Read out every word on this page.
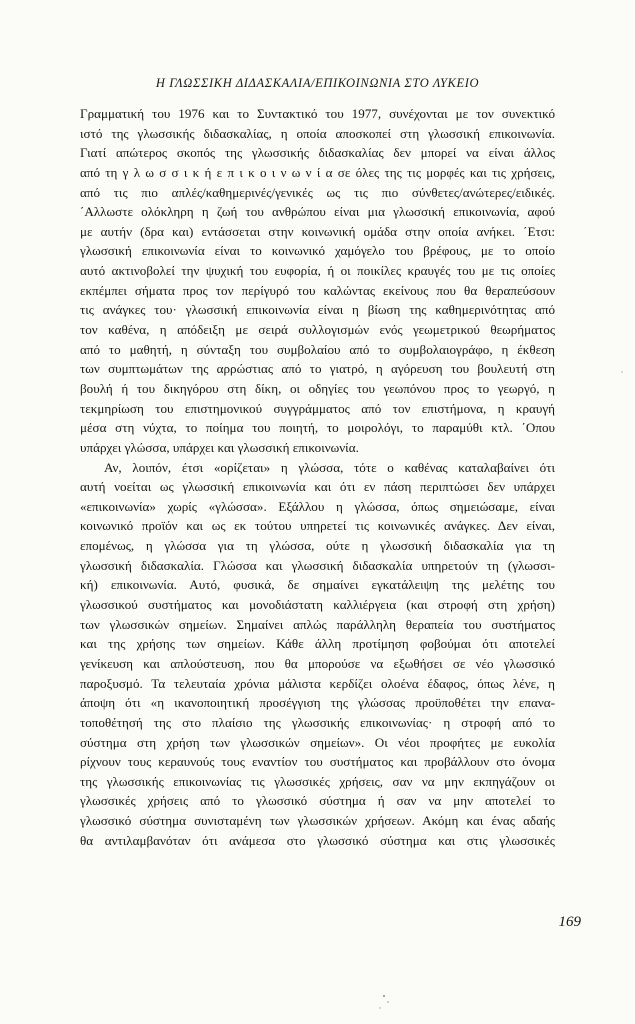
Η ΓΛΩΣΣΙΚΗ ΔΙΔΑΣΚΑΛΙΑ/ΕΠΙΚΟΙΝΩΝΙΑ ΣΤΟ ΛΥΚΕΙΟ
Γραμματική του 1976 και το Συντακτικό του 1977, συνέχονται με τον συνεκτικό
ιστό της γλωσσικής διδασκαλίας, η οποία αποσκοπεί στη γλωσσική επικοινωνία.
Γιατί απώτερος σκοπός της γλωσσικής διδασκαλίας δεν μπορεί να είναι άλλος
από τη γ λ ω σ σ ι κ ή ε π ι κ ο ι ν ω ν ί α σε όλες της τις μορφές και τις χρήσεις,
από τις πιο απλές/καθημερινές/γενικές ως τις πιο σύνθετες/ανώτερες/ειδικές.
΄Αλλωστε ολόκληρη η ζωή του ανθρώπου είναι μια γλωσσική επικοινωνία, αφού
με αυτήν (δρα και) εντάσσεται στην κοινωνική ομάδα στην οποία ανήκει. ΄Ετσι:
γλωσσική επικοινωνία είναι το κοινωνικό χαμόγελο του βρέφους, με το οποίο
αυτό ακτινοβολεί την ψυχική του ευφορία, ή οι ποικίλες κραυγές του με τις οποίες
εκπέμπει σήματα προς τον περίγυρό του καλώντας εκείνους που θα θεραπεύσουν
τις ανάγκες του· γλωσσική επικοινωνία είναι η βίωση της καθημερινότητας από
τον καθένα, η απόδειξη με σειρά συλλογισμών ενός γεωμετρικού θεωρήματος
από το μαθητή, η σύνταξη του συμβολαίου από το συμβολαιογράφο, η έκθεση
των συμπτωμάτων της αρρώστιας από το γιατρό, η αγόρευση του βουλευτή στη
βουλή ή του δικηγόρου στη δίκη, οι οδηγίες του γεωπόνου προς το γεωργό, η
τεκμηρίωση του επιστημονικού συγγράμματος από τον επιστήμονα, η κραυγή
μέσα στη νύχτα, το ποίημα του ποιητή, το μοιρολόγι, το παραμύθι κτλ. ΄Οπου
υπάρχει γλώσσα, υπάρχει και γλωσσική επικοινωνία.
Αν, λοιπόν, έτσι «ορίζεται» η γλώσσα, τότε ο καθένας καταλαβαίνει ότι
αυτή νοείται ως γλωσσική επικοινωνία και ότι εν πάση περιπτώσει δεν υπάρχει
«επικοινωνία» χωρίς «γλώσσα». Εξάλλου η γλώσσα, όπως σημειώσαμε, είναι
κοινωνικό προϊόν και ως εκ τούτου υπηρετεί τις κοινωνικές ανάγκες. Δεν είναι,
επομένως, η γλώσσα για τη γλώσσα, ούτε η γλωσσική διδασκαλία για τη
γλωσσική διδασκαλία. Γλώσσα και γλωσσική διδασκαλία υπηρετούν τη (γλωσσι-
κή) επικοινωνία. Αυτό, φυσικά, δε σημαίνει εγκατάλειψη της μελέτης του
γλωσσικού συστήματος και μονοδιάστατη καλλιέργεια (και στροφή στη χρήση)
των γλωσσικών σημείων. Σημαίνει απλώς παράλληλη θεραπεία του συστήματος
και της χρήσης των σημείων. Κάθε άλλη προτίμηση φοβούμαι ότι αποτελεί
γενίκευση και απλούστευση, που θα μπορούσε να εξωθήσει σε νέο γλωσσικό
παροξυσμό. Τα τελευταία χρόνια μάλιστα κερδίζει ολοένα έδαφος, όπως λένε, η
άποψη ότι «η ικανοποιητική προσέγγιση της γλώσσας προϋποθέτει την επανα-
τοποθέτησή της στο πλαίσιο της γλωσσικής επικοινωνίας· η στροφή από το
σύστημα στη χρήση των γλωσσικών σημείων». Οι νέοι προφήτες με ευκολία
ρίχνουν τους κεραυνούς τους εναντίον του συστήματος και προβάλλουν στο όνομα
της γλωσσικής επικοινωνίας τις γλωσσικές χρήσεις, σαν να μην εκπηγάζουν οι
γλωσσικές χρήσεις από το γλωσσικό σύστημα ή σαν να μην αποτελεί το
γλωσσικό σύστημα συνισταμένη των γλωσσικών χρήσεων. Ακόμη και ένας αδαής
θα αντιλαμβανόταν ότι ανάμεσα στο γλωσσικό σύστημα και στις γλωσσικές
169
